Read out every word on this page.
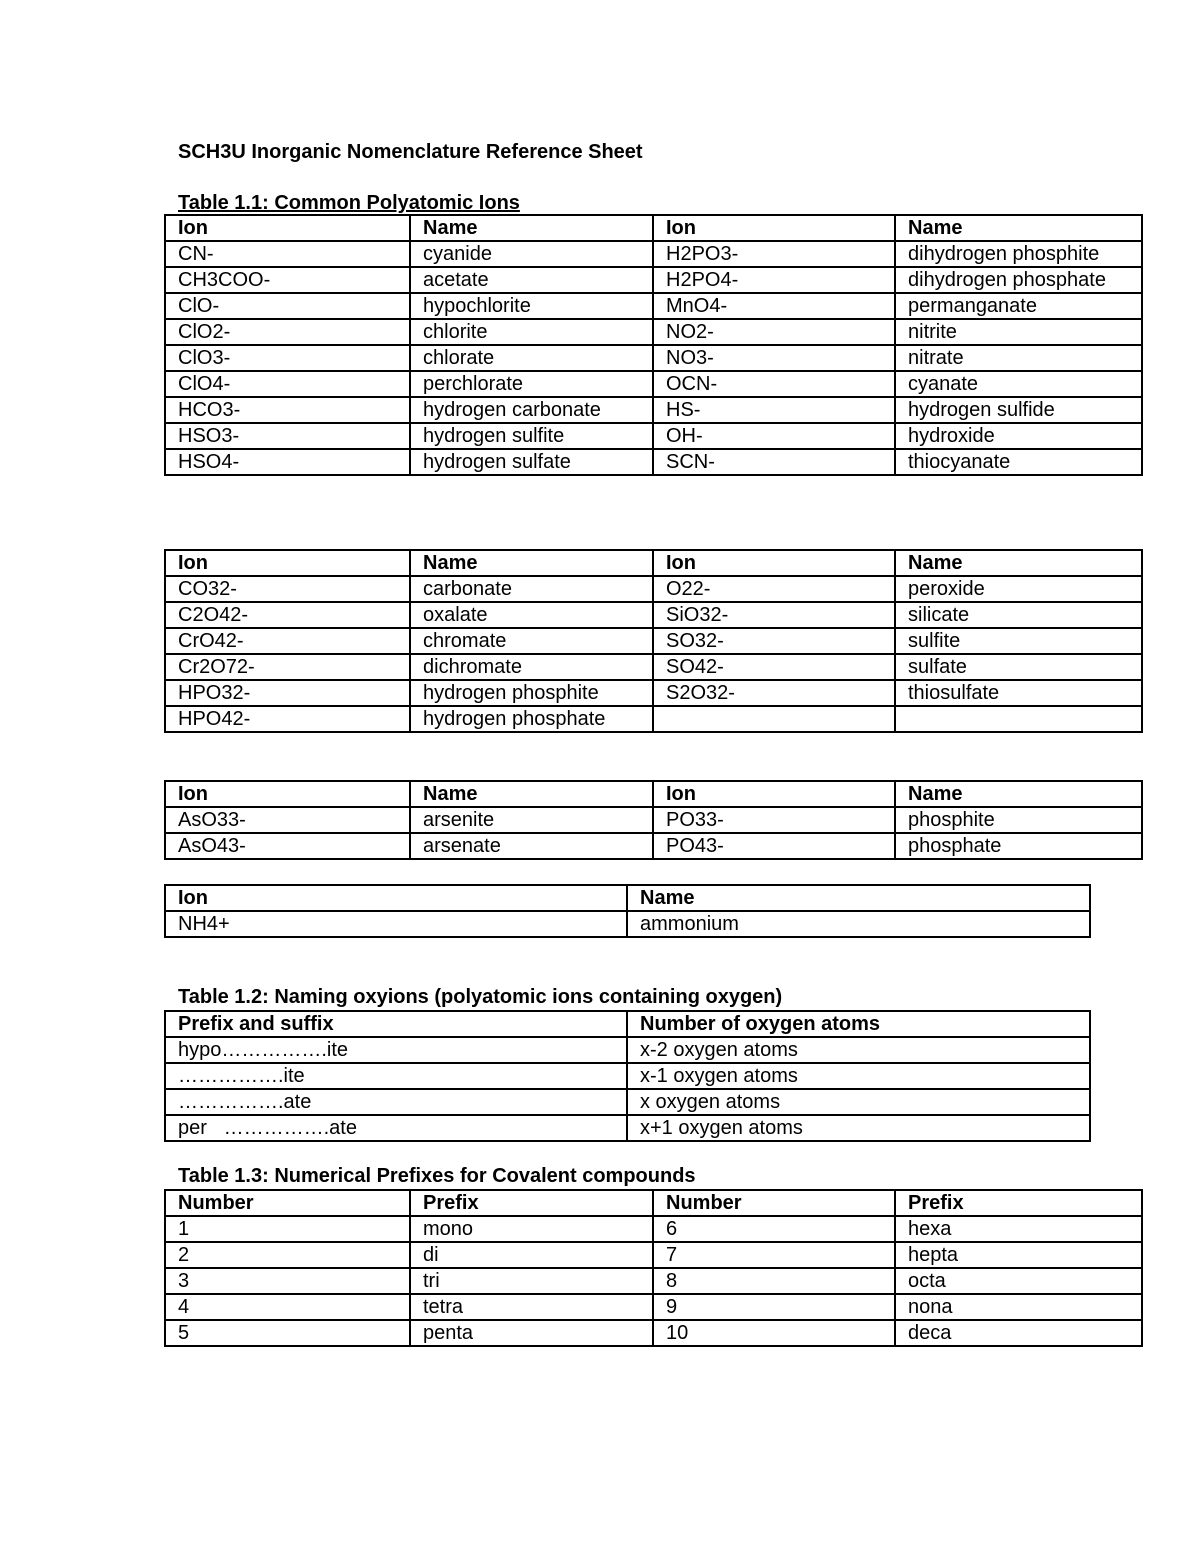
SCH3U Inorganic Nomenclature Reference Sheet
Table 1.1: Common Polyatomic Ions
Ion	Name	Ion	Name
CN-	cyanide	H2PO3-	dihydrogen phosphite
CH3COO-	acetate	H2PO4-	dihydrogen phosphate
ClO-	hypochlorite	MnO4-	permanganate
ClO2-	chlorite	NO2-	nitrite
ClO3-	chlorate	NO3-	nitrate
ClO4-	perchlorate	OCN-	cyanate
HCO3-	hydrogen carbonate	HS-	hydrogen sulfide
HSO3-	hydrogen sulfite	OH-	hydroxide
HSO4-	hydrogen sulfate	SCN-	thiocyanate
Ion	Name	Ion	Name
CO32-	carbonate	O22-	peroxide
C2O42-	oxalate	SiO32-	silicate
CrO42-	chromate	SO32-	sulfite
Cr2O72-	dichromate	SO42-	sulfate
HPO32-	hydrogen phosphite	S2O32-	thiosulfate
HPO42-	hydrogen phosphate		
Ion	Name	Ion	Name
AsO33-	arsenite	PO33-	phosphite
AsO43-	arsenate	PO43-	phosphate
Ion	Name
NH4+	ammonium
Table 1.2: Naming oxyions (polyatomic ions containing oxygen)
Prefix and suffix	Number of oxygen atoms
hypo…………….ite	x-2 oxygen atoms
…………….ite	x-1 oxygen atoms
…………….ate	x oxygen atoms
per   …………….ate	x+1 oxygen atoms
Table 1.3: Numerical Prefixes for Covalent compounds
Number	Prefix	Number	Prefix
1	mono	6	hexa
2	di	7	hepta
3	tri	8	octa
4	tetra	9	nona
5	penta	10	deca
